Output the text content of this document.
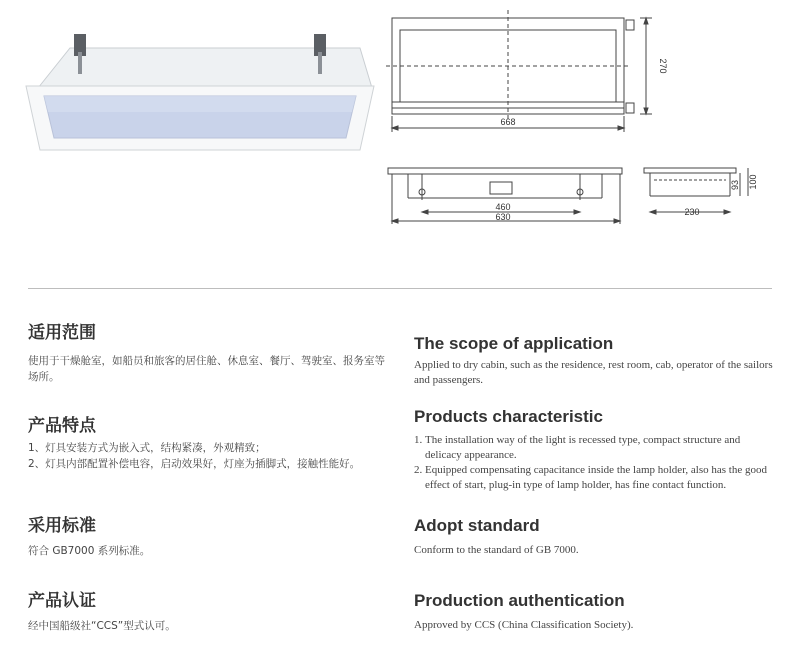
668
270
460
630	230
93 100
适用范围

使用于干燥舱室，如船员和旅客的居住舱、休息室、餐厅、驾驶室、报务室等场所。

The scope of application

Applied to dry cabin, such as the residence, rest room, cab, operator of the sailors and passengers.

产品特点
1、 灯具安装方式为嵌入式，结构紧凑，外观精致；
2、 灯具内部配置补偿电容，启动效果好，灯座为插脚式，接触性能好。
Products characteristic
1. The installation way of the light is recessed type, compact structure and delicacy appearance.
2. Equipped compensating capacitance inside the lamp holder, also has the good effect of start, plug-in type of lamp holder, has fine contact function.
采用标准

符合 GB7000 系列标准。

Adopt standard

Conform to the standard of GB 7000.

产品认证

经中国船级社“CCS”型式认可。

Production authentication

Approved by CCS (China Classification Society).
